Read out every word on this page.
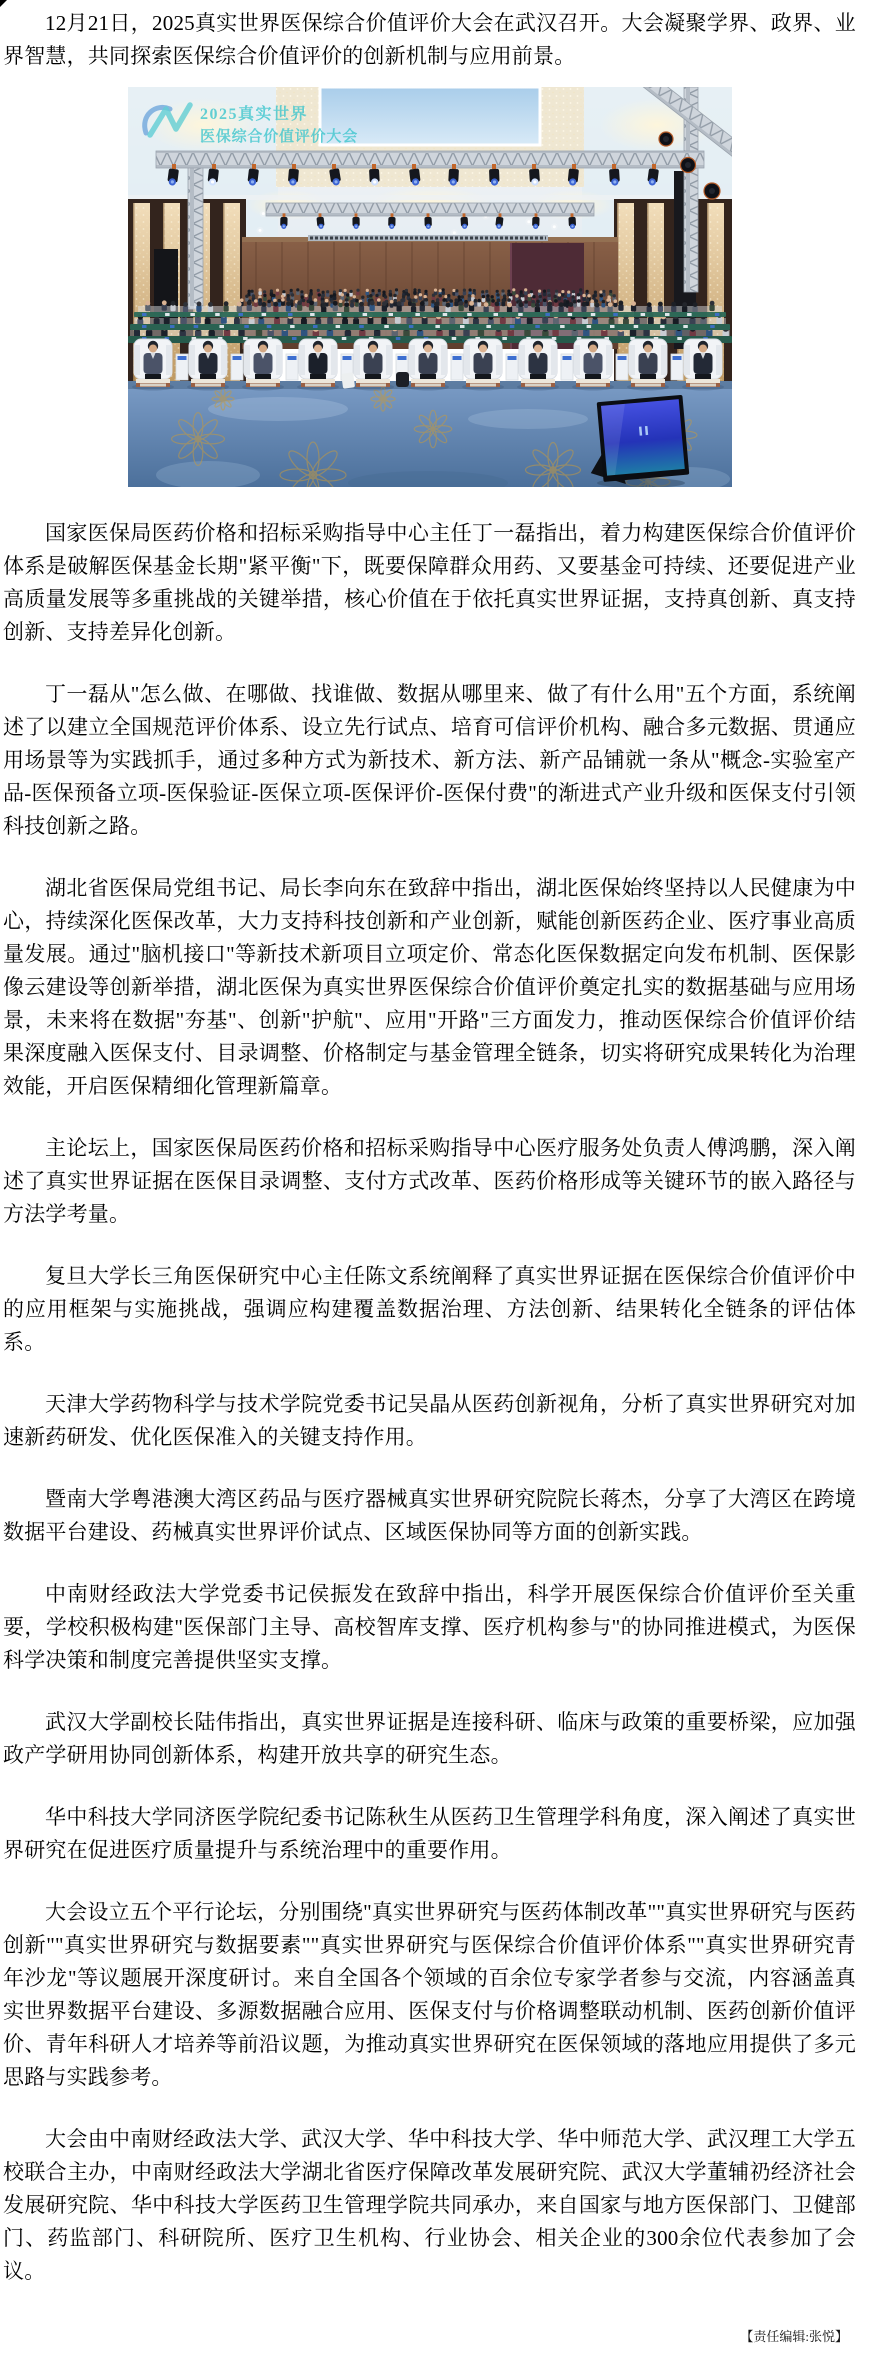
12月21日，2025真实世界医保综合价值评价大会在武汉召开。大会凝聚学界、政界、业界智慧，共同探索医保综合价值评价的创新机制与应用前景。

2025真实世界
医保综合价值评价大会

国家医保局医药价格和招标采购指导中心主任丁一磊指出，着力构建医保综合价值评价体系是破解医保基金长期"紧平衡"下，既要保障群众用药、又要基金可持续、还要促进产业高质量发展等多重挑战的关键举措，核心价值在于依托真实世界证据，支持真创新、真支持创新、支持差异化创新。

丁一磊从"怎么做、在哪做、找谁做、数据从哪里来、做了有什么用"五个方面，系统阐述了以建立全国规范评价体系、设立先行试点、培育可信评价机构、融合多元数据、贯通应用场景等为实践抓手，通过多种方式为新技术、新方法、新产品铺就一条从"概念-实验室产品-医保预备立项-医保验证-医保立项-医保评价-医保付费"的渐进式产业升级和医保支付引领科技创新之路。

湖北省医保局党组书记、局长李向东在致辞中指出，湖北医保始终坚持以人民健康为中心，持续深化医保改革，大力支持科技创新和产业创新，赋能创新医药企业、医疗事业高质量发展。通过"脑机接口"等新技术新项目立项定价、常态化医保数据定向发布机制、医保影像云建设等创新举措，湖北医保为真实世界医保综合价值评价奠定扎实的数据基础与应用场景，未来将在数据"夯基"、创新"护航"、应用"开路"三方面发力，推动医保综合价值评价结果深度融入医保支付、目录调整、价格制定与基金管理全链条，切实将研究成果转化为治理效能，开启医保精细化管理新篇章。

主论坛上，国家医保局医药价格和招标采购指导中心医疗服务处负责人傅鸿鹏，深入阐述了真实世界证据在医保目录调整、支付方式改革、医药价格形成等关键环节的嵌入路径与方法学考量。

复旦大学长三角医保研究中心主任陈文系统阐释了真实世界证据在医保综合价值评价中的应用框架与实施挑战，强调应构建覆盖数据治理、方法创新、结果转化全链条的评估体系。

天津大学药物科学与技术学院党委书记吴晶从医药创新视角，分析了真实世界研究对加速新药研发、优化医保准入的关键支持作用。

暨南大学粤港澳大湾区药品与医疗器械真实世界研究院院长蒋杰，分享了大湾区在跨境数据平台建设、药械真实世界评价试点、区域医保协同等方面的创新实践。

中南财经政法大学党委书记侯振发在致辞中指出，科学开展医保综合价值评价至关重要，学校积极构建"医保部门主导、高校智库支撑、医疗机构参与"的协同推进模式，为医保科学决策和制度完善提供坚实支撑。

武汉大学副校长陆伟指出，真实世界证据是连接科研、临床与政策的重要桥梁，应加强政产学研用协同创新体系，构建开放共享的研究生态。

华中科技大学同济医学院纪委书记陈秋生从医药卫生管理学科角度，深入阐述了真实世界研究在促进医疗质量提升与系统治理中的重要作用。

大会设立五个平行论坛，分别围绕"真实世界研究与医药体制改革""真实世界研究与医药创新""真实世界研究与数据要素""真实世界研究与医保综合价值评价体系""真实世界研究青年沙龙"等议题展开深度研讨。来自全国各个领域的百余位专家学者参与交流，内容涵盖真实世界数据平台建设、多源数据融合应用、医保支付与价格调整联动机制、医药创新价值评价、青年科研人才培养等前沿议题，为推动真实世界研究在医保领域的落地应用提供了多元思路与实践参考。

大会由中南财经政法大学、武汉大学、华中科技大学、华中师范大学、武汉理工大学五校联合主办，中南财经政法大学湖北省医疗保障改革发展研究院、武汉大学董辅礽经济社会发展研究院、华中科技大学医药卫生管理学院共同承办，来自国家与地方医保部门、卫健部门、药监部门、科研院所、医疗卫生机构、行业协会、相关企业的300余位代表参加了会议。

【责任编辑:张悦】
